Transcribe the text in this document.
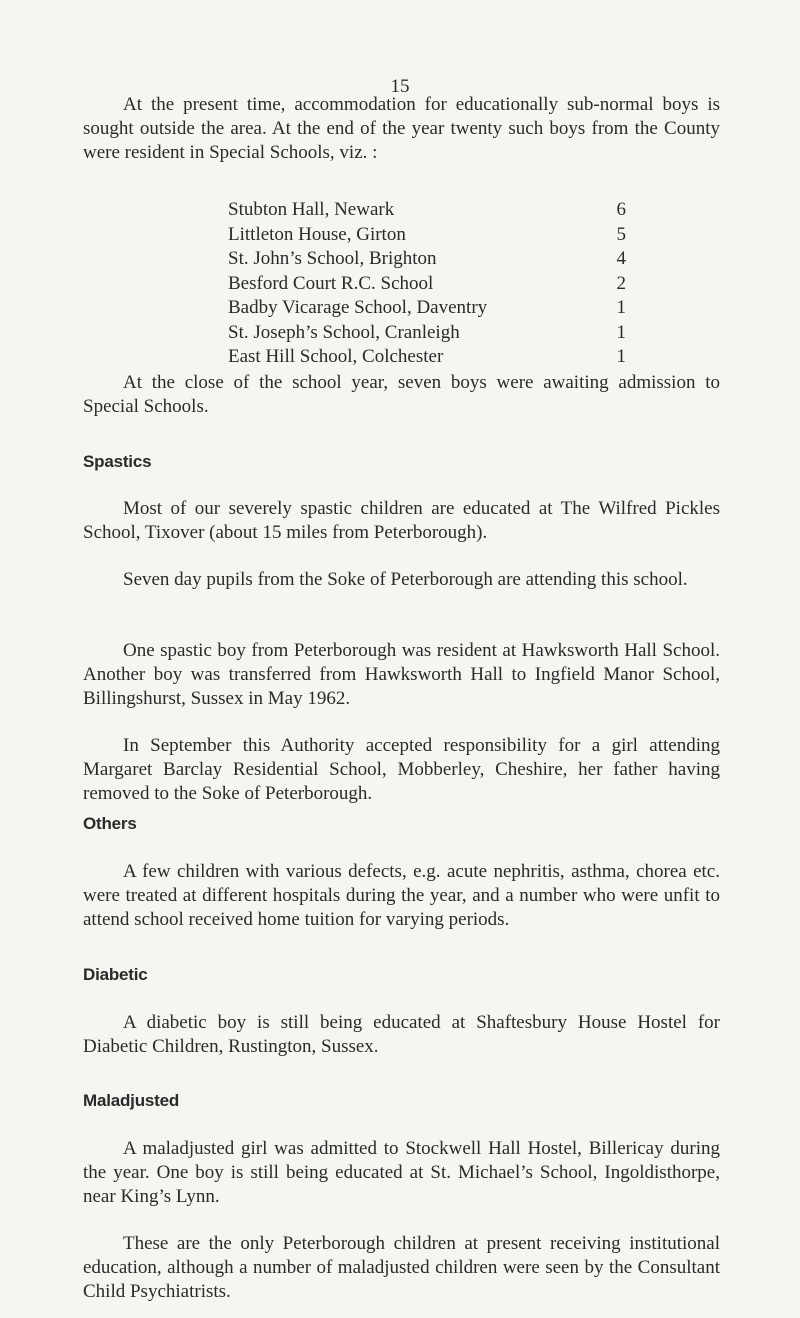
15

At the present time, accommodation for educationally sub-normal boys is sought outside the area. At the end of the year twenty such boys from the County were resident in Special Schools, viz. :

Stubton Hall, Newark	6
Littleton House, Girton	5
St. John’s School, Brighton	4
Besford Court R.C. School	2
Badby Vicarage School, Daventry	1
St. Joseph’s School, Cranleigh	1
East Hill School, Colchester	1

At the close of the school year, seven boys were awaiting admission to Special Schools.

Spastics

Most of our severely spastic children are educated at The Wilfred Pickles School, Tixover (about 15 miles from Peterborough).

Seven day pupils from the Soke of Peterborough are attending this school.

One spastic boy from Peterborough was resident at Hawksworth Hall School. Another boy was transferred from Hawksworth Hall to Ingfield Manor School, Billingshurst, Sussex in May 1962.

In September this Authority accepted responsibility for a girl attending Margaret Barclay Residential School, Mobberley, Cheshire, her father having removed to the Soke of Peterborough.

Others

A few children with various defects, e.g. acute nephritis, asthma, chorea etc. were treated at different hospitals during the year, and a number who were unfit to attend school received home tuition for varying periods.

Diabetic

A diabetic boy is still being educated at Shaftesbury House Hostel for Diabetic Children, Rustington, Sussex.

Maladjusted

A maladjusted girl was admitted to Stockwell Hall Hostel, Billericay during the year. One boy is still being educated at St. Michael’s School, Ingoldisthorpe, near King’s Lynn.

These are the only Peterborough children at present receiving institutional education, although a number of maladjusted children were seen by the Consultant Child Psychiatrists.
